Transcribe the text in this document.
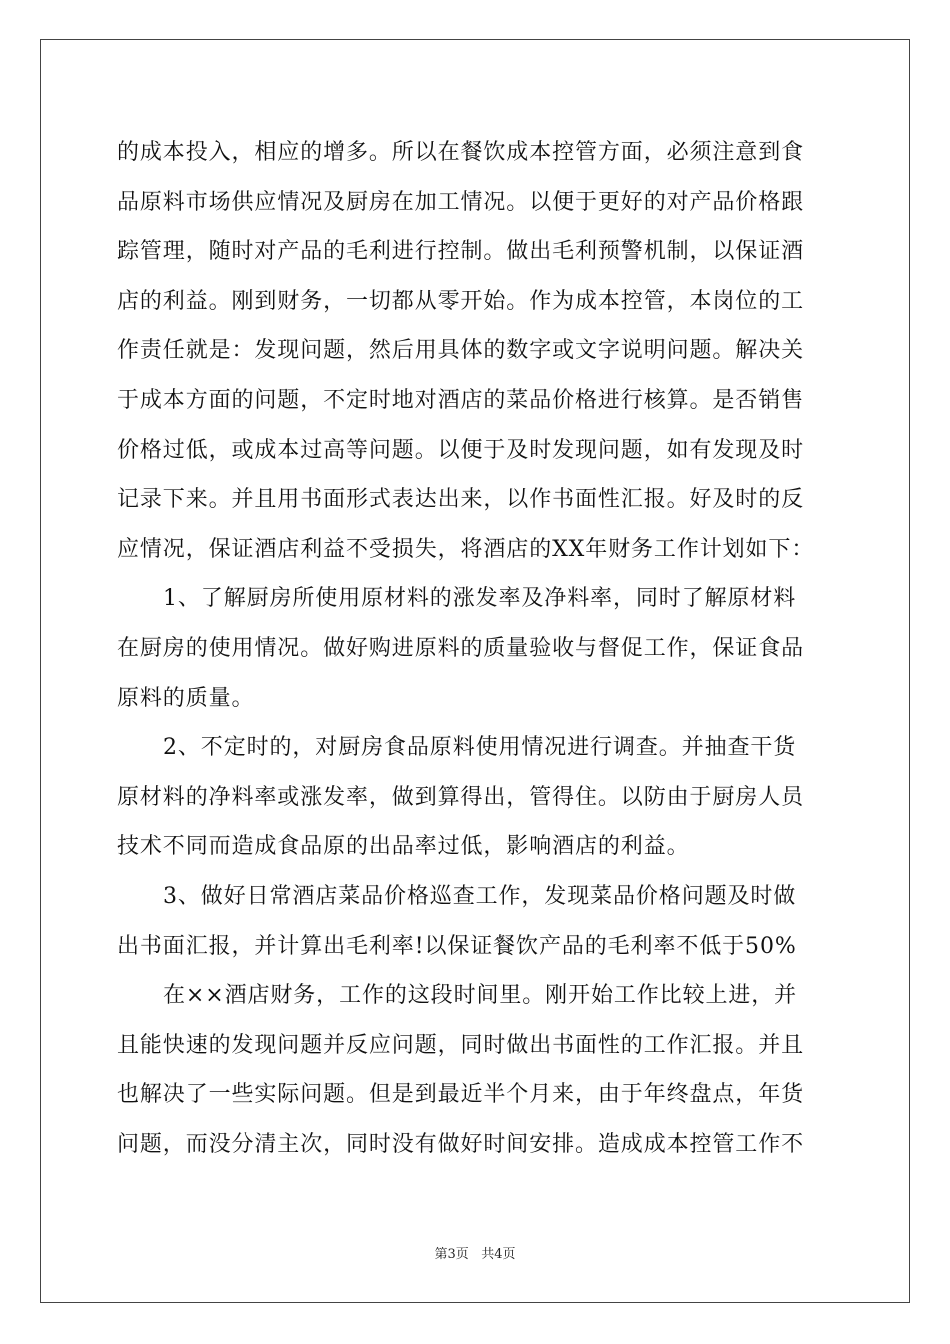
的成本投入，相应的增多。所以在餐饮成本控管方面，必须注意到食
品原料市场供应情况及厨房在加工情况。以便于更好的对产品价格跟
踪管理，随时对产品的毛利进行控制。做出毛利预警机制，以保证酒
店的利益。刚到财务，一切都从零开始。作为成本控管，本岗位的工
作责任就是：发现问题，然后用具体的数字或文字说明问题。解决关
于成本方面的问题，不定时地对酒店的菜品价格进行核算。是否销售
价格过低，或成本过高等问题。以便于及时发现问题，如有发现及时
记录下来。并且用书面形式表达出来，以作书面性汇报。好及时的反
应情况，保证酒店利益不受损失，将酒店的XX年财务工作计划如下：
1、了解厨房所使用原材料的涨发率及净料率，同时了解原材料
在厨房的使用情况。做好购进原料的质量验收与督促工作，保证食品
原料的质量。
2、不定时的，对厨房食品原料使用情况进行调查。并抽查干货
原材料的净料率或涨发率，做到算得出，管得住。以防由于厨房人员
技术不同而造成食品原的出品率过低，影响酒店的利益。
3、做好日常酒店菜品价格巡查工作，发现菜品价格问题及时做
出书面汇报，并计算出毛利率!以保证餐饮产品的毛利率不低于50%
在××酒店财务，工作的这段时间里。刚开始工作比较上进，并
且能快速的发现问题并反应问题，同时做出书面性的工作汇报。并且
也解决了一些实际问题。但是到最近半个月来，由于年终盘点，年货
问题，而没分清主次，同时没有做好时间安排。造成成本控管工作不
第3页 共4页
